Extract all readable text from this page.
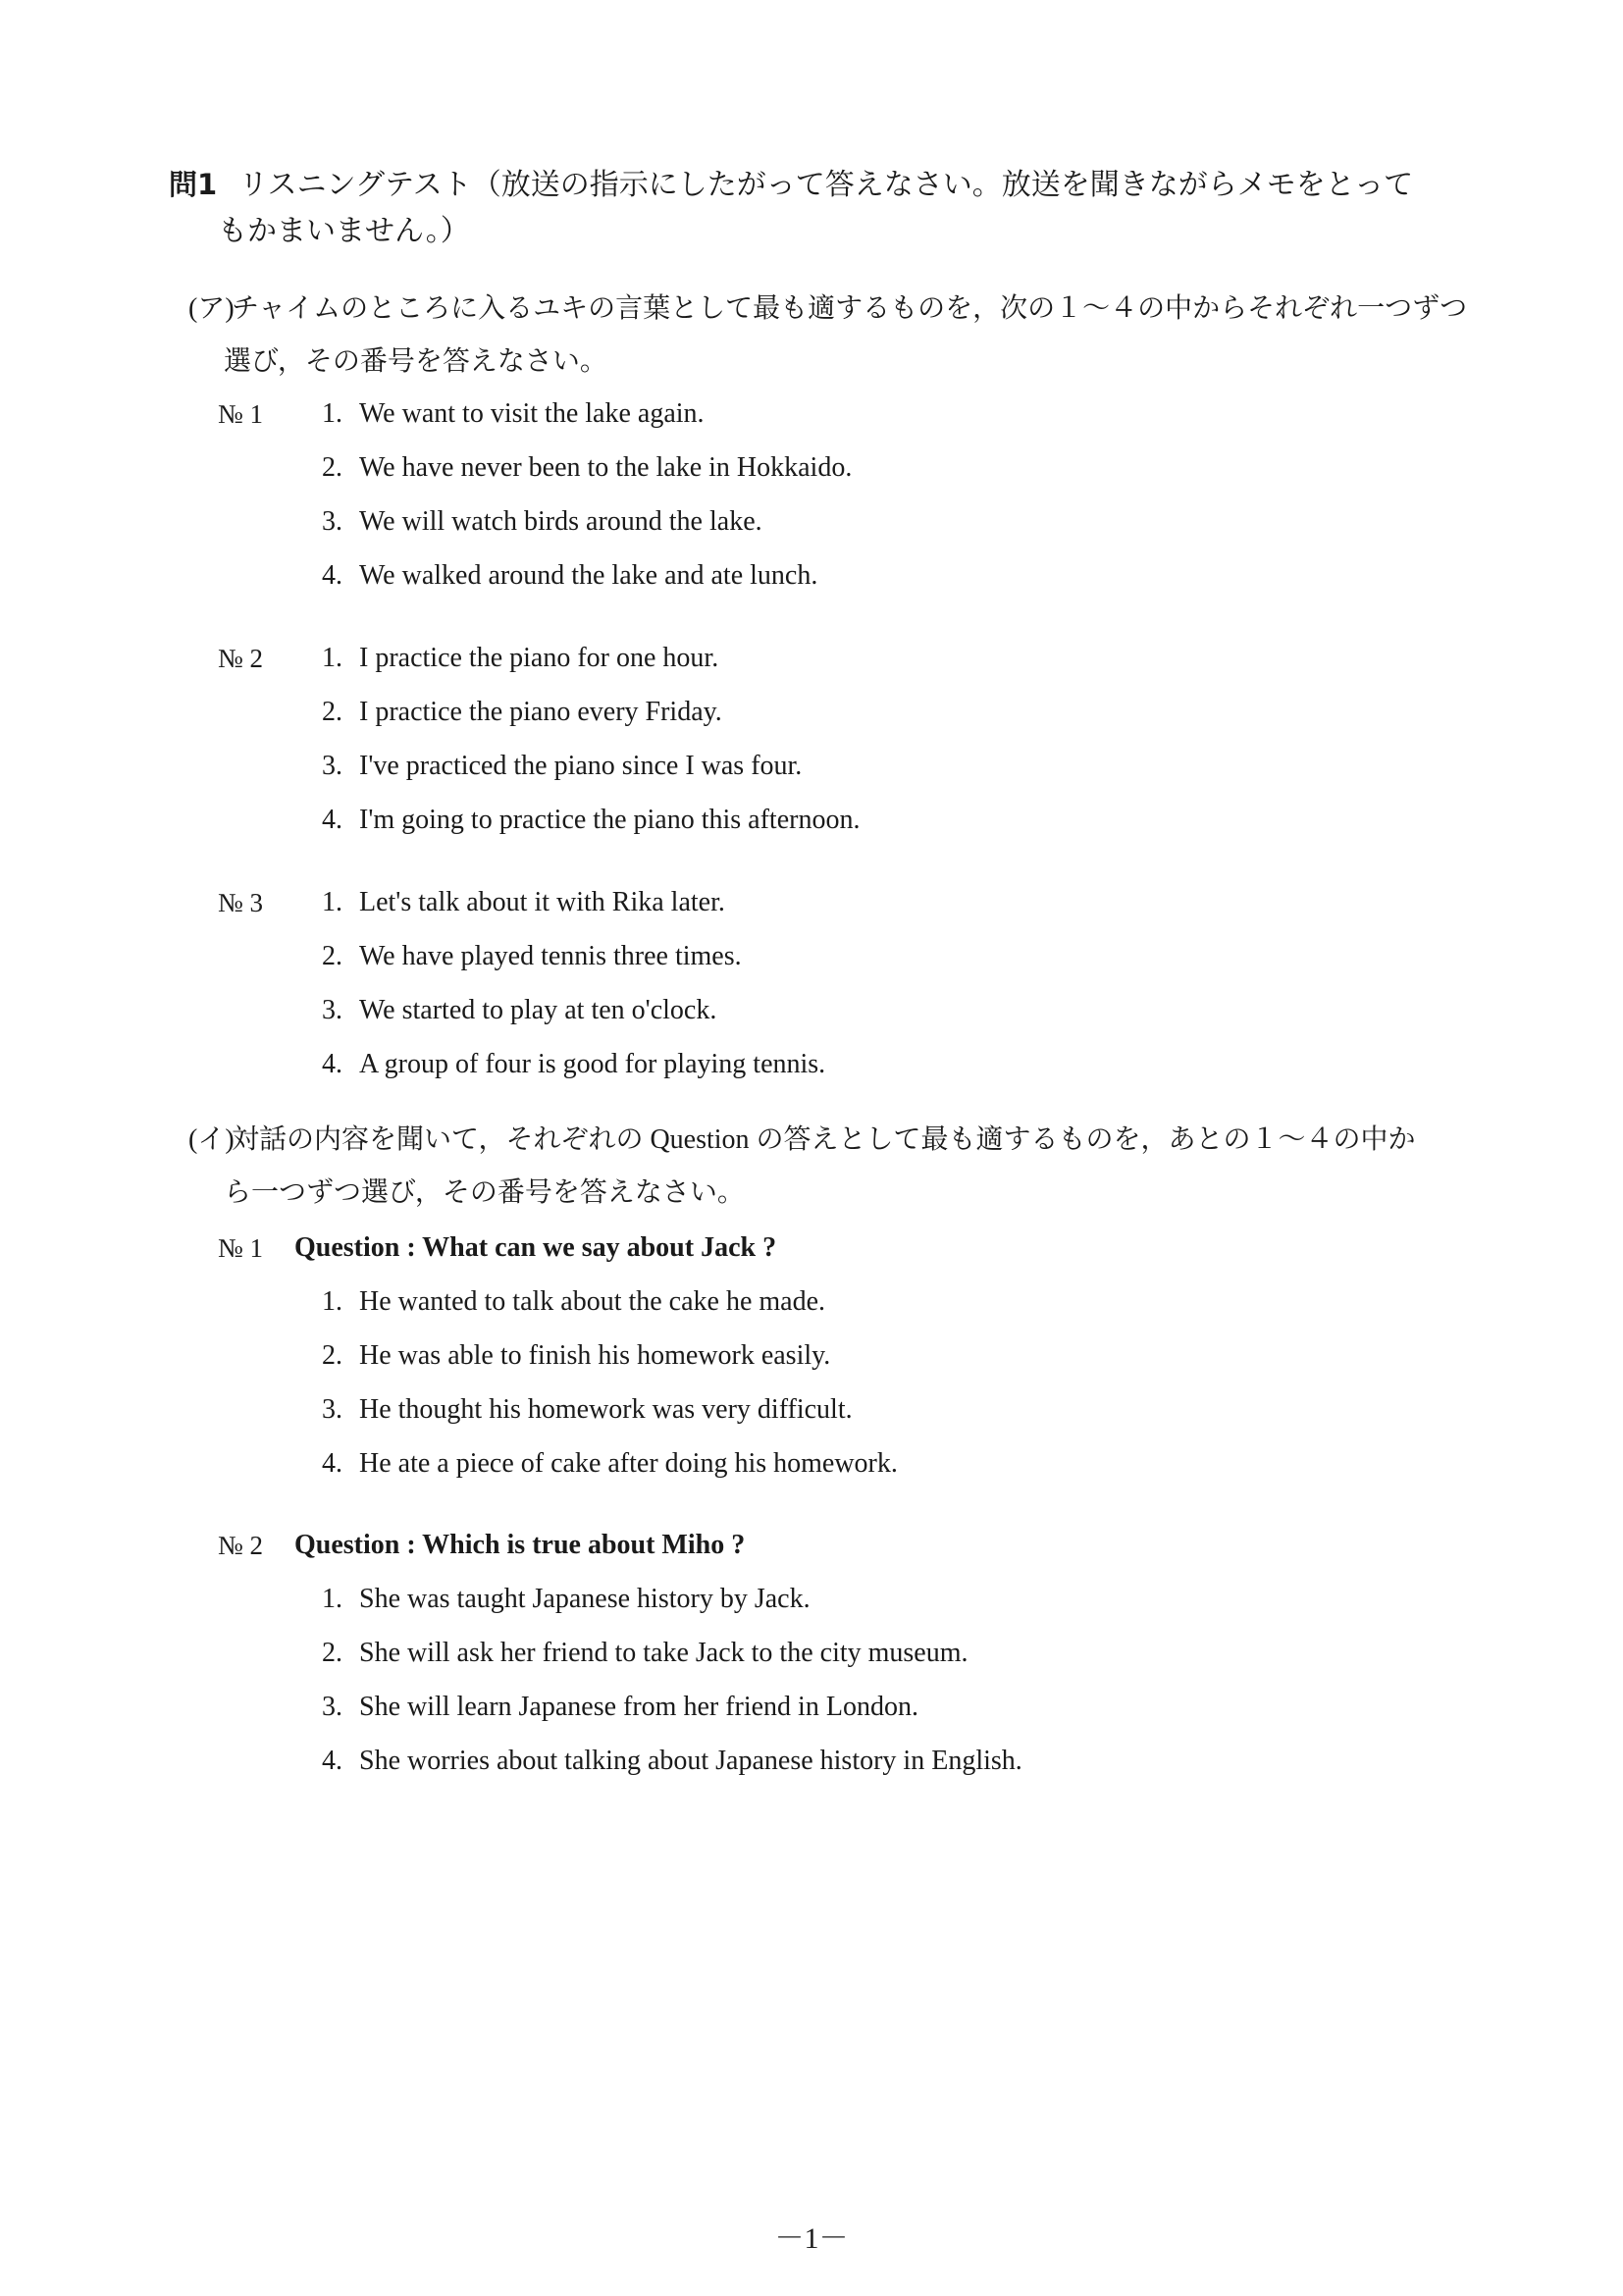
問1 リスニングテスト（放送の指示にしたがって答えなさい。放送を聞きながらメモをとって
もかまいません。）
(ア)チャイムのところに入るユキの言葉として最も適するものを，次の１～４の中からそれぞれ一つずつ
選び，その番号を答えなさい。
№ 1 1. We want to visit the lake again.
2. We have never been to the lake in Hokkaido.
3. We will watch birds around the lake.
4. We walked around the lake and ate lunch.
№ 2 1. I practice the piano for one hour.
2. I practice the piano every Friday.
3. I've practiced the piano since I was four.
4. I'm going to practice the piano this afternoon.
№ 3 1. Let's talk about it with Rika later.
2. We have played tennis three times.
3. We started to play at ten o'clock.
4. A group of four is good for playing tennis.
(イ)対話の内容を聞いて，それぞれの Question の答えとして最も適するものを，あとの１～４の中か
ら一つずつ選び，その番号を答えなさい。
№ 1 Question : What can we say about Jack ?
1. He wanted to talk about the cake he made.
2. He was able to finish his homework easily.
3. He thought his homework was very difficult.
4. He ate a piece of cake after doing his homework.
№ 2 Question : Which is true about Miho ?
1. She was taught Japanese history by Jack.
2. She will ask her friend to take Jack to the city museum.
3. She will learn Japanese from her friend in London.
4. She worries about talking about Japanese history in English.
－1－
